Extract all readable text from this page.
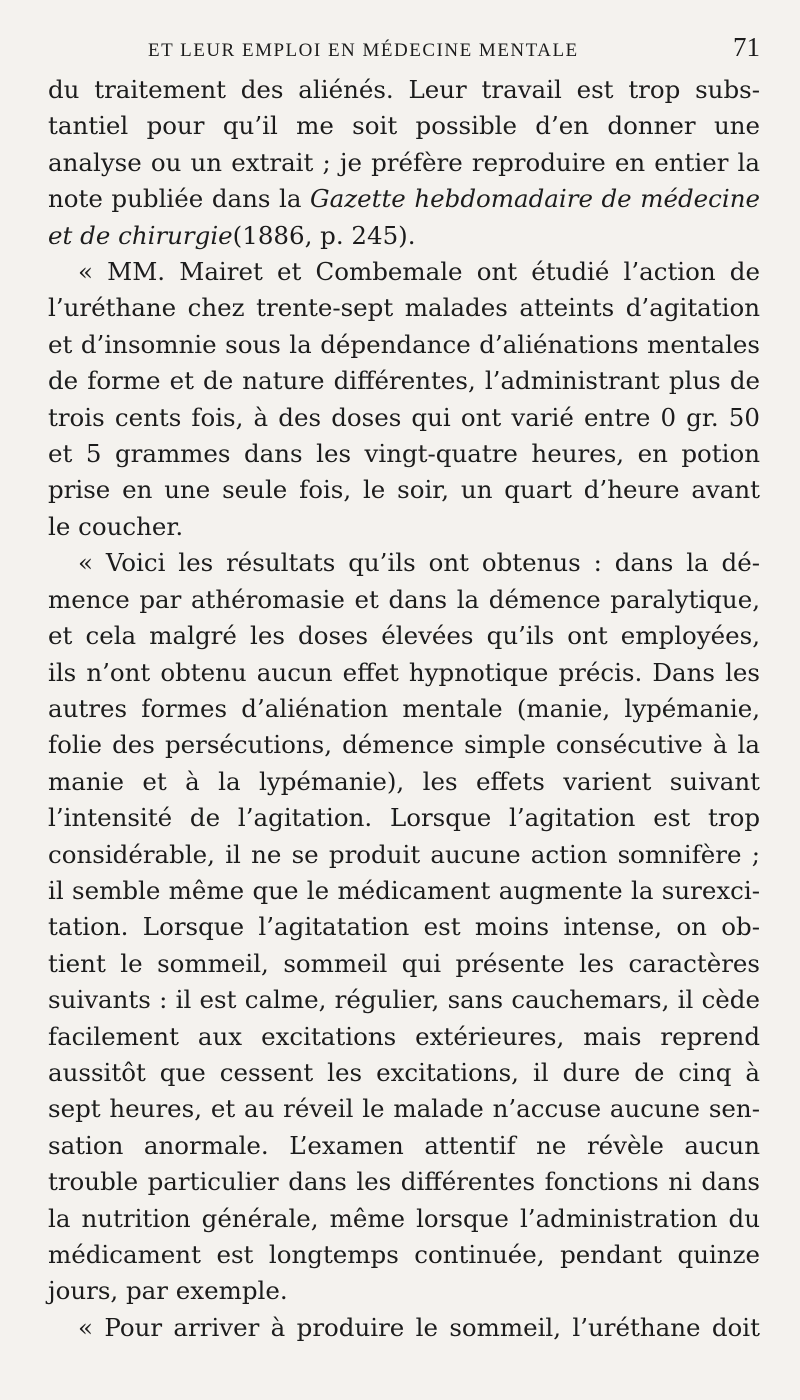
ET LEUR EMPLOI EN MÉDECINE MENTALE	71

du traitement des aliénés. Leur travail est trop subs-
tantiel pour qu’il me soit possible d’en donner une
analyse ou un extrait ; je préfère reproduire en entier la
note publiée dans la Gazette hebdomadaire de médecine
et de chirurgie(1886, p. 245).

« MM. Mairet et Combemale ont étudié l’action de
l’uréthane chez trente-sept malades atteints d’agitation
et d’insomnie sous la dépendance d’aliénations mentales
de forme et de nature différentes, l’administrant plus de
trois cents fois, à des doses qui ont varié entre 0 gr. 50
et 5 grammes dans les vingt-quatre heures, en potion
prise en une seule fois, le soir, un quart d’heure avant
le coucher.

« Voici les résultats qu’ils ont obtenus : dans la dé-
mence par athéromasie et dans la démence paralytique,
et cela malgré les doses élevées qu’ils ont employées,
ils n’ont obtenu aucun effet hypnotique précis. Dans les
autres formes d’aliénation mentale (manie, lypémanie,
folie des persécutions, démence simple consécutive à la
manie et à la lypémanie), les effets varient suivant
l’intensité de l’agitation. Lorsque l’agitation est trop
considérable, il ne se produit aucune action somnifère ;
il semble même que le médicament augmente la surexci-
tation. Lorsque l’agitatation est moins intense, on ob-
tient le sommeil, sommeil qui présente les caractères
suivants : il est calme, régulier, sans cauchemars, il cède
facilement aux excitations extérieures, mais reprend
aussitôt que cessent les excitations, il dure de cinq à
sept heures, et au réveil le malade n’accuse aucune sen-
sation anormale. L’examen attentif ne révèle aucun
trouble particulier dans les différentes fonctions ni dans
la nutrition générale, même lorsque l’administration du
médicament est longtemps continuée, pendant quinze
jours, par exemple.

« Pour arriver à produire le sommeil, l’uréthane doit
